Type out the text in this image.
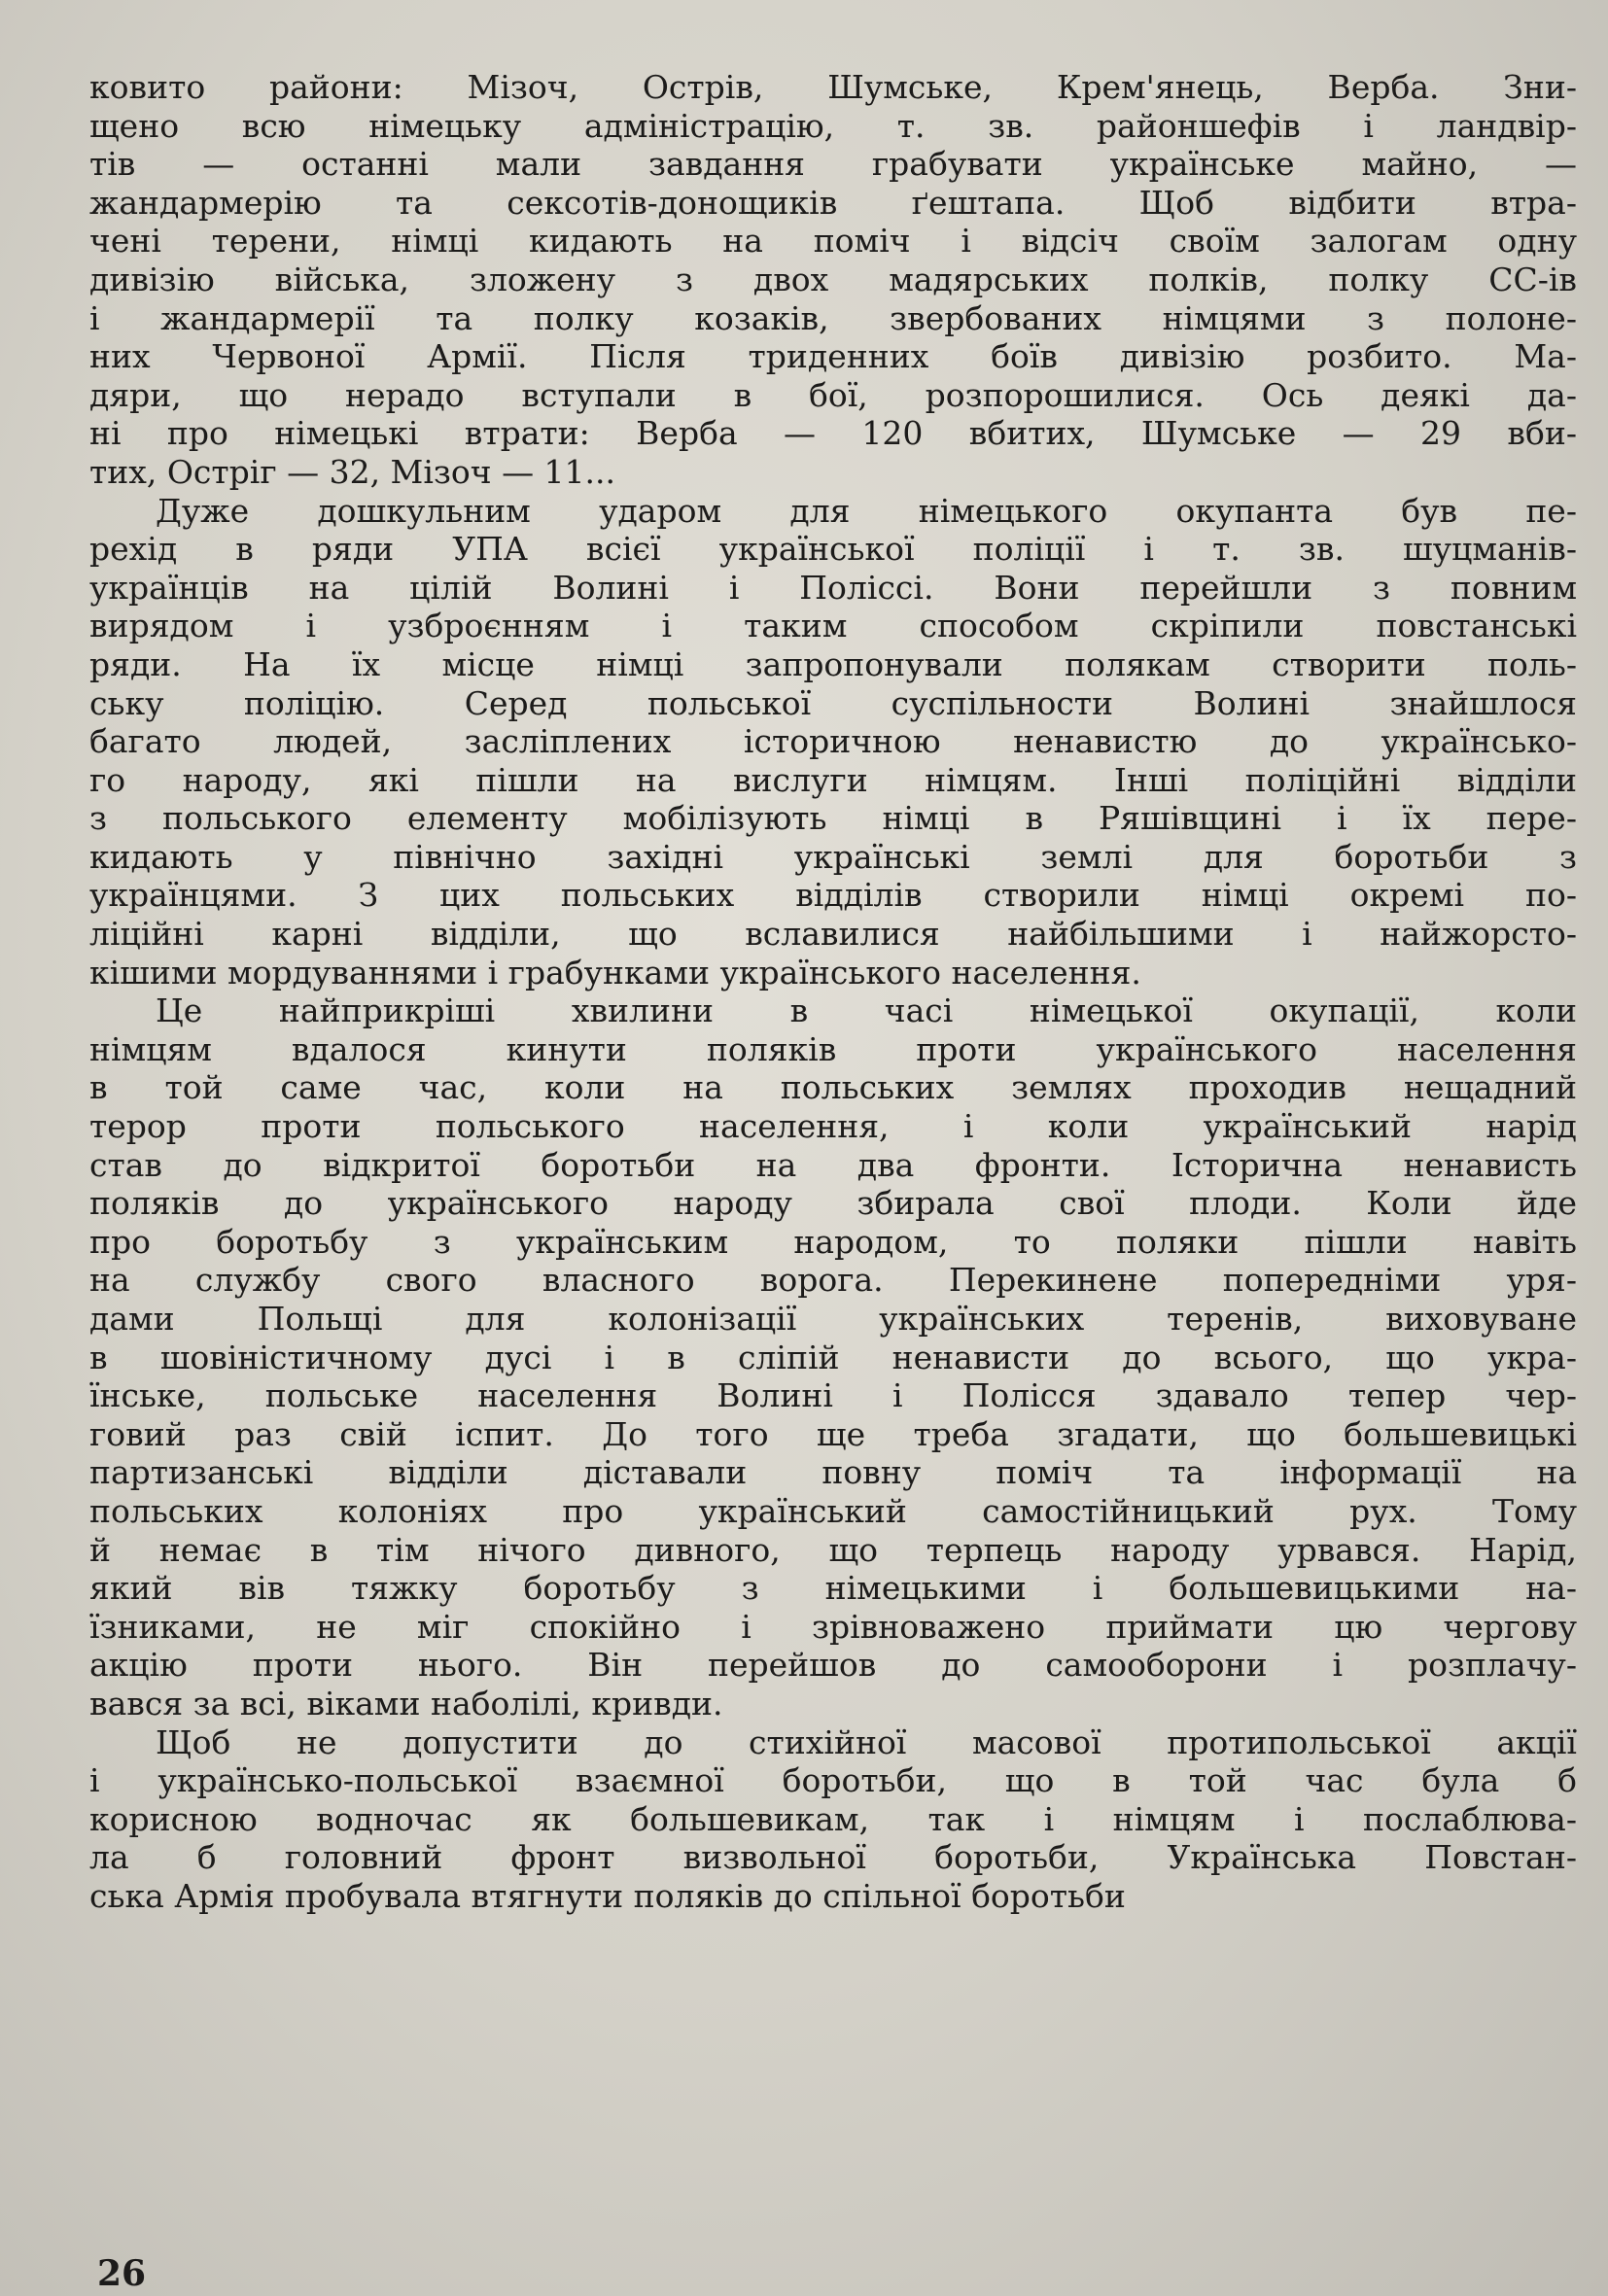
ковито райони: Мізоч, Острів, Шумське, Крем'янець, Верба. Зни-
щено всю німецьку адміністрацію, т. зв. районшефів і ландвір-
тів — останні мали завдання грабувати українське майно, —
жандармерію та сексотів-донощиків ґештапа. Щоб відбити втра-
чені терени, німці кидають на поміч і відсіч своїм залогам одну
дивізію війська, зложену з двох мадярських полків, полку СС-ів
і жандармерії та полку козаків, звербованих німцями з полоне-
них Червоної Армії. Після триденних боїв дивізію розбито. Ма-
дяри, що нерадо вступали в бої, розпорошилися. Ось деякі да-
ні про німецькі втрати: Верба — 120 вбитих, Шумське — 29 вби-
тих, Остріг — 32, Мізоч — 11...
Дуже дошкульним ударом для німецького окупанта був пе-
рехід в ряди УПА всієї української поліції і т. зв. шуцманів-
українців на цілій Волині і Поліссі. Вони перейшли з повним
вирядом і узброєнням і таким способом скріпили повстанські
ряди. На їх місце німці запропонували полякам створити поль-
ську поліцію. Серед польської суспільности Волині знайшлося
багато людей, засліплених історичною ненавистю до українсько-
го народу, які пішли на вислуги німцям. Інші поліційні відділи
з польського елементу мобілізують німці в Ряшівщині і їх пере-
кидають у північно західні українські землі для боротьби з
українцями. З цих польських відділів створили німці окремі по-
ліційні карні відділи, що вславилися найбільшими і найжорсто-
кішими мордуваннями і грабунками українського населення.
Це найприкріші хвилини в часі німецької окупації, коли
німцям вдалося кинути поляків проти українського населення
в той саме час, коли на польських землях проходив нещадний
терор проти польського населення, і коли український нарід
став до відкритої боротьби на два фронти. Історична ненависть
поляків до українського народу збирала свої плоди. Коли йде
про боротьбу з українським народом, то поляки пішли навіть
на службу свого власного ворога. Перекинене попередніми уря-
дами Польщі для колонізації українських теренів, виховуване
в шовіністичному дусі і в сліпій ненависти до всього, що укра-
їнське, польське населення Волині і Полісся здавало тепер чер-
говий раз свій іспит. До того ще треба згадати, що большевицькі
партизанські відділи діставали повну поміч та інформації на
польських колоніях про український самостійницький рух. Тому
й немає в тім нічого дивного, що терпець народу урвався. Нарід,
який вів тяжку боротьбу з німецькими і большевицькими на-
їзниками, не міг спокійно і зрівноважено приймати цю чергову
акцію проти нього. Він перейшов до самооборони і розплачу-
вався за всі, віками наболілі, кривди.
Щоб не допустити до стихійної масової протипольської акції
і українсько-польської взаємної боротьби, що в той час була б
корисною водночас як большевикам, так і німцям і послаблюва-
ла б головний фронт визвольної боротьби, Українська Повстан-
ська Армія пробувала втягнути поляків до спільної боротьби
26
